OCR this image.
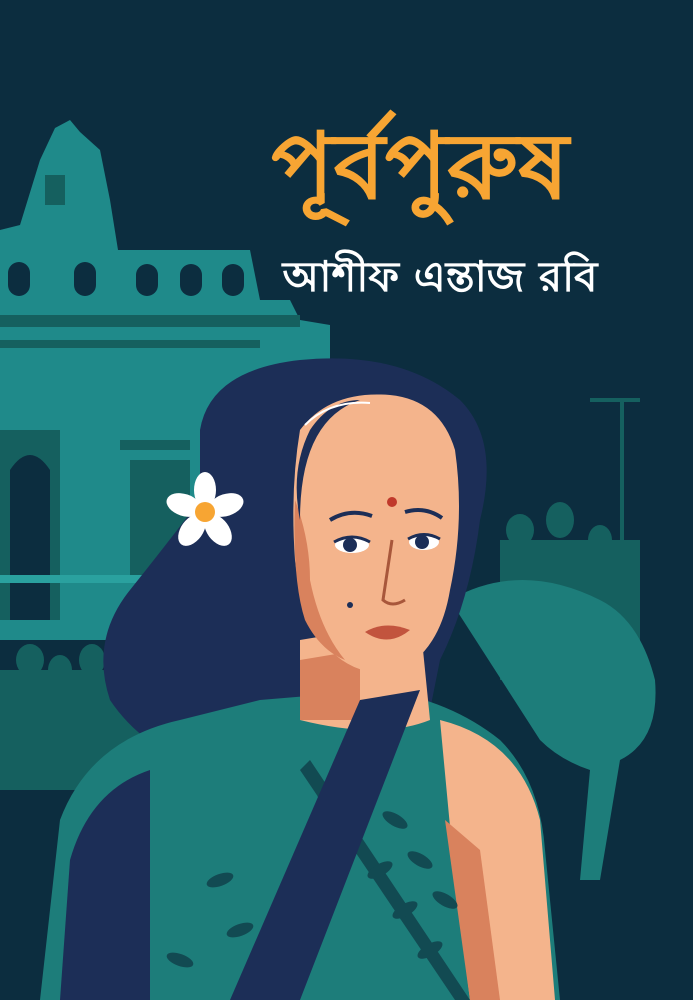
পূর্বপুরুষ
আশীফ এন্তাজ রবি
